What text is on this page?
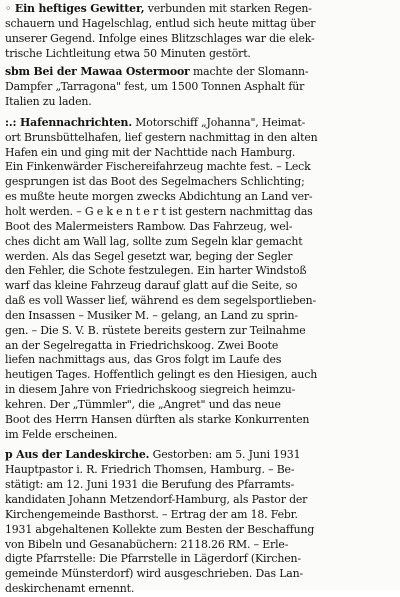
◦ Ein heftiges Gewitter, verbunden mit starken Regen-
schauern und Hagelschlag, entlud sich heute mittag über
unserer Gegend. Infolge eines Blitzschlages war die elek-
trische Lichtleitung etwa 50 Minuten gestört.
sbm Bei der Mawaa Ostermoor machte der Slomann-
Dampfer „Tarragona" fest, um 1500 Tonnen Asphalt für
Italien zu laden.
:.: Hafennachrichten. Motorschiff „Johanna", Heimat-
ort Brunsbüttelhafen, lief gestern nachmittag in den alten
Hafen ein und ging mit der Nachttide nach Hamburg.
Ein Finkenwärder Fischereifahrzeug machte fest. – Leck
gesprungen ist das Boot des Segelmachers Schlichting;
es mußte heute morgen zwecks Abdichtung an Land ver-
holt werden. – G e k e n t e r t ist gestern nachmittag das
Boot des Malermeisters Rambow. Das Fahrzeug, wel-
ches dicht am Wall lag, sollte zum Segeln klar gemacht
werden. Als das Segel gesetzt war, beging der Segler
den Fehler, die Schote festzulegen. Ein harter Windstoß
warf das kleine Fahrzeug darauf glatt auf die Seite, so
daß es voll Wasser lief, während es dem segelsportlieben-
den Insassen – Musiker M. – gelang, an Land zu sprin-
gen. – Die S. V. B. rüstete bereits gestern zur Teilnahme
an der Segelregatta in Friedrichskoog. Zwei Boote
liefen nachmittags aus, das Gros folgt im Laufe des
heutigen Tages. Hoffentlich gelingt es den Hiesigen, auch
in diesem Jahre von Friedrichskoog siegreich heimzu-
kehren. Der „Tümmler", die „Angret" und das neue
Boot des Herrn Hansen dürften als starke Konkurrenten
im Felde erscheinen.
p Aus der Landeskirche. Gestorben: am 5. Juni 1931
Hauptpastor i. R. Friedrich Thomsen, Hamburg. – Be-
stätigt: am 12. Juni 1931 die Berufung des Pfarramts-
kandidaten Johann Metzendorf-Hamburg, als Pastor der
Kirchengemeinde Basthorst. – Ertrag der am 18. Febr.
1931 abgehaltenen Kollekte zum Besten der Beschaffung
von Bibeln und Gesanabüchern: 2118.26 RM. – Erle-
digte Pfarrstelle: Die Pfarrstelle in Lägerdorf (Kirchen-
gemeinde Münsterdorf) wird ausgeschrieben. Das Lan-
deskirchenamt ernennt.
